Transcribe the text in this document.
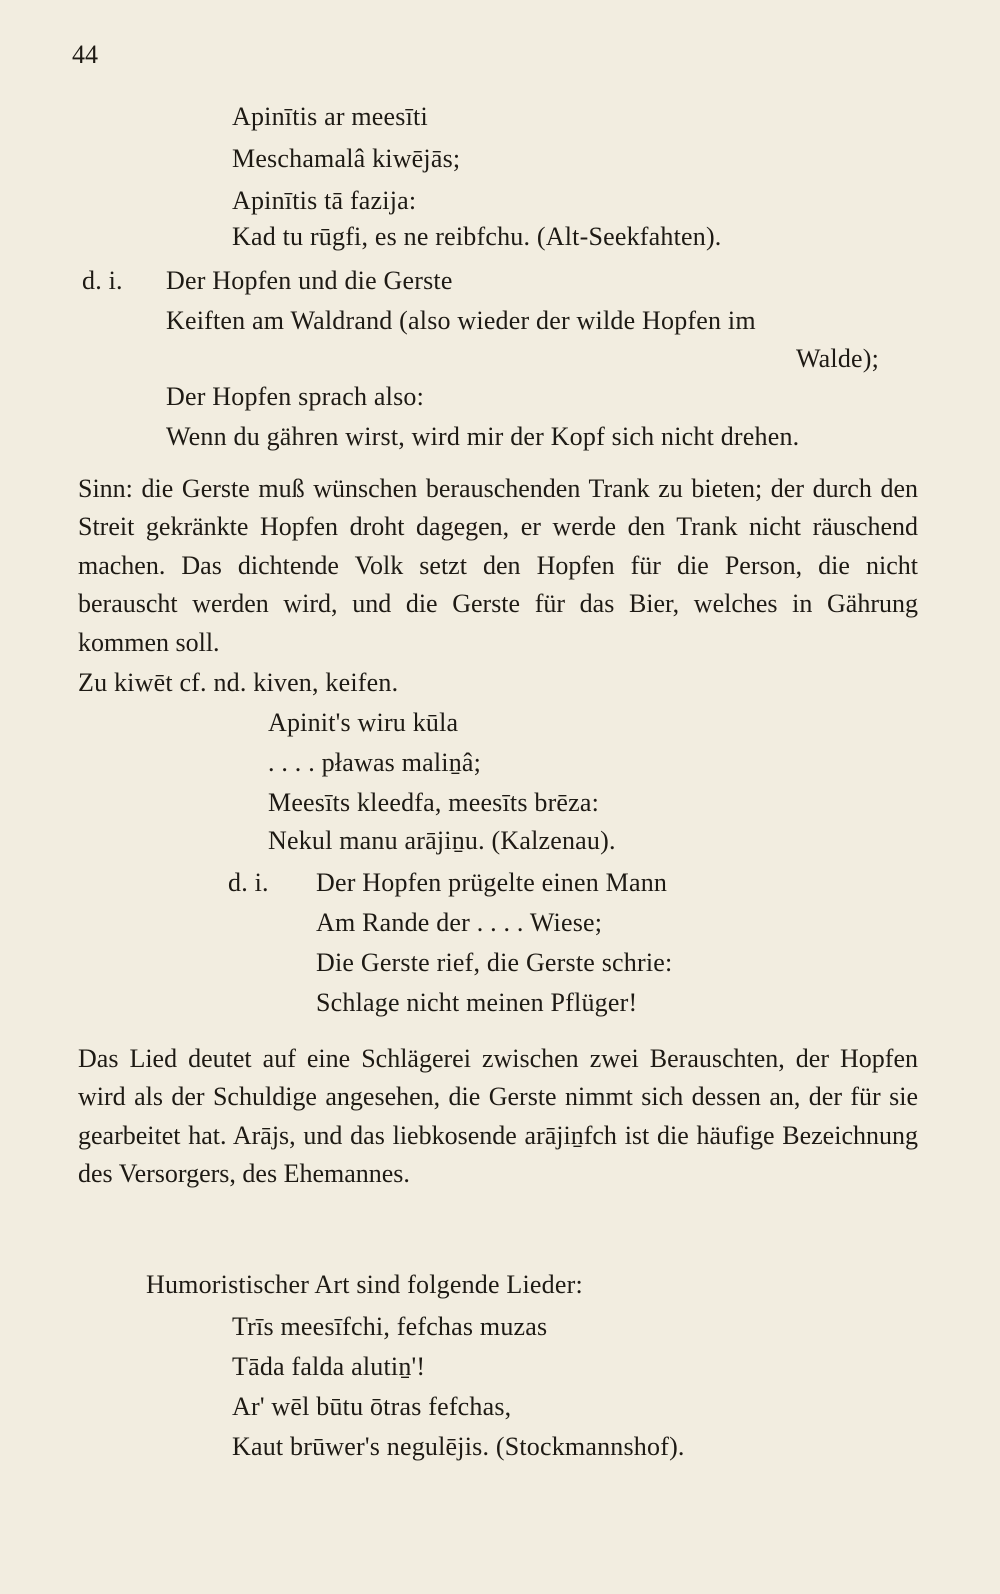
44
Apinītis ar meesīti
Meschamalâ kiwējās;
Apinītis tā fazija:
Kad tu rūgfi, es ne reibfchu. (Alt-Seekfahten).
d. i. Der Hopfen und die Gerste
Keiften am Waldrand (also wieder der wilde Hopfen im
Walde);
Der Hopfen sprach also:
Wenn du gähren wirst, wird mir der Kopf sich nicht drehen.

Sinn: die Gerste muß wünschen berauschenden Trank zu bieten; der durch den Streit gekränkte Hopfen droht dagegen, er werde den Trank nicht räuschend machen. Das dichtende Volk setzt den Hopfen für die Person, die nicht berauscht werden wird, und die Gerste für das Bier, welches in Gährung kommen soll.

Zu kiwēt cf. nd. kiven, keifen.
Apinit's wiru kūla
. . . . pławas maliṉâ;
Meesīts kleedfa, meesīts brēza:
Nekul manu arājiṉu. (Kalzenau).
d. i. Der Hopfen prügelte einen Mann
Am Rande der . . . . Wiese;
Die Gerste rief, die Gerste schrie:
Schlage nicht meinen Pflüger!

Das Lied deutet auf eine Schlägerei zwischen zwei Berauschten, der Hopfen wird als der Schuldige angesehen, die Gerste nimmt sich dessen an, der für sie gearbeitet hat. Arājs, und das liebkosende arājiṉfch ist die häufige Bezeichnung des Versorgers, des Ehemannes.

Humoristischer Art sind folgende Lieder:
Trīs meesīfchi, fefchas muzas
Tāda falda alutiṉ'!
Ar' wēl būtu ōtras fefchas,
Kaut brūwer's negulējis. (Stockmannshof).
